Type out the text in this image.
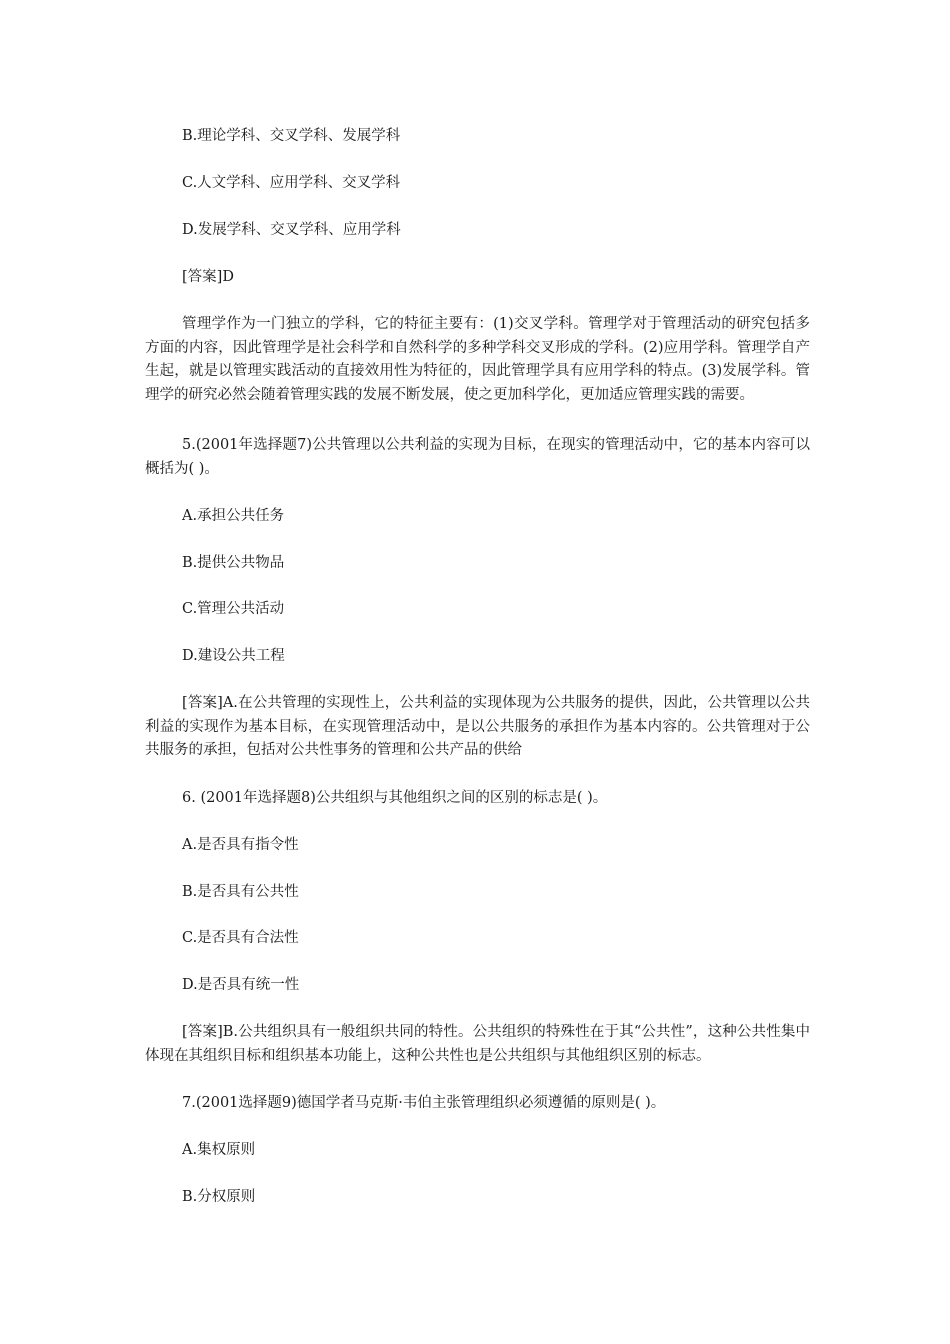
B.理论学科、交叉学科、发展学科

C.人文学科、应用学科、交叉学科

D.发展学科、交叉学科、应用学科

[答案]D

管理学作为一门独立的学科，它的特征主要有：(1)交叉学科。管理学对于管理活动的研究包括多方面的内容，因此管理学是社会科学和自然科学的多种学科交叉形成的学科。(2)应用学科。管理学自产生起，就是以管理实践活动的直接效用性为特征的，因此管理学具有应用学科的特点。(3)发展学科。管理学的研究必然会随着管理实践的发展不断发展，使之更加科学化，更加适应管理实践的需要。

5.(2001年选择题7)公共管理以公共利益的实现为目标，在现实的管理活动中，它的基本内容可以概括为( )。

A.承担公共任务

B.提供公共物品

C.管理公共活动

D.建设公共工程

[答案]A.在公共管理的实现性上，公共利益的实现体现为公共服务的提供，因此，公共管理以公共利益的实现作为基本目标，在实现管理活动中，是以公共服务的承担作为基本内容的。公共管理对于公共服务的承担，包括对公共性事务的管理和公共产品的供给

6. (2001年选择题8)公共组织与其他组织之间的区别的标志是( )。

A.是否具有指令性

B.是否具有公共性

C.是否具有合法性

D.是否具有统一性

[答案]B.公共组织具有一般组织共同的特性。公共组织的特殊性在于其“公共性”，这种公共性集中体现在其组织目标和组织基本功能上，这种公共性也是公共组织与其他组织区别的标志。

7.(2001选择题9)德国学者马克斯·韦伯主张管理组织必须遵循的原则是( )。

A.集权原则

B.分权原则
